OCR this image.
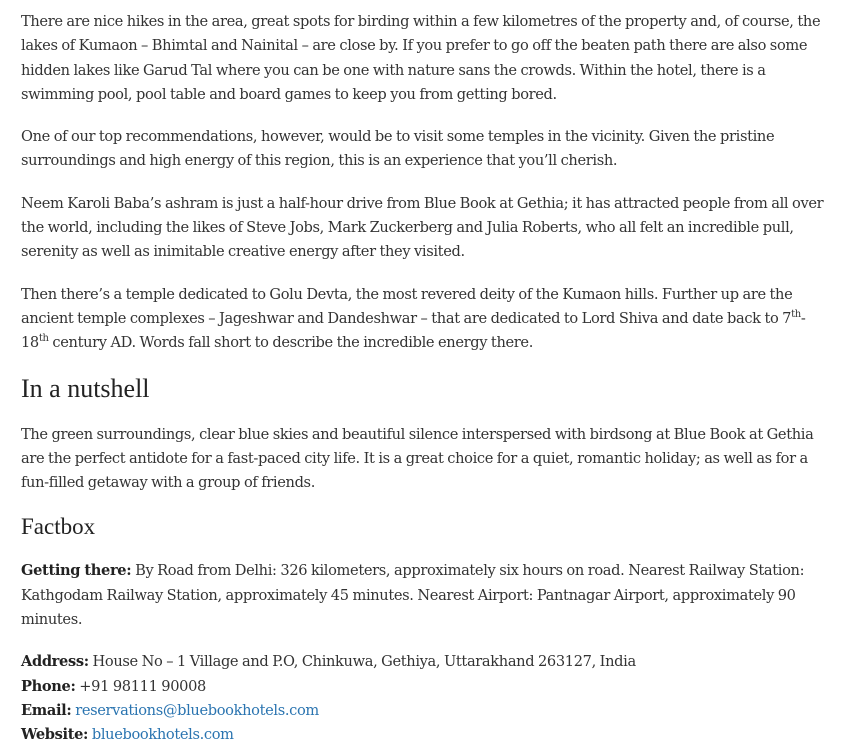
There are nice hikes in the area, great spots for birding within a few kilometres of the property and, of course, the lakes of Kumaon – Bhimtal and Nainital – are close by. If you prefer to go off the beaten path there are also some hidden lakes like Garud Tal where you can be one with nature sans the crowds. Within the hotel, there is a swimming pool, pool table and board games to keep you from getting bored.

One of our top recommendations, however, would be to visit some temples in the vicinity. Given the pristine surroundings and high energy of this region, this is an experience that you’ll cherish.

Neem Karoli Baba’s ashram is just a half-hour drive from Blue Book at Gethia; it has attracted people from all over the world, including the likes of Steve Jobs, Mark Zuckerberg and Julia Roberts, who all felt an incredible pull, serenity as well as inimitable creative energy after they visited.

Then there’s a temple dedicated to Golu Devta, the most revered deity of the Kumaon hills. Further up are the ancient temple complexes – Jageshwar and Dandeshwar – that are dedicated to Lord Shiva and date back to 7th-18th century AD. Words fall short to describe the incredible energy there.

In a nutshell

The green surroundings, clear blue skies and beautiful silence interspersed with birdsong at Blue Book at Gethia are the perfect antidote for a fast-paced city life. It is a great choice for a quiet, romantic holiday; as well as for a fun-filled getaway with a group of friends.

Factbox

Getting there: By Road from Delhi: 326 kilometers, approximately six hours on road. Nearest Railway Station: Kathgodam Railway Station, approximately 45 minutes. Nearest Airport: Pantnagar Airport, approximately 90 minutes.

Address: House No – 1 Village and P.O, Chinkuwa, Gethiya, Uttarakhand 263127, India

Phone: +91 98111 90008

Email: reservations@bluebookhotels.com

Website: bluebookhotels.com
